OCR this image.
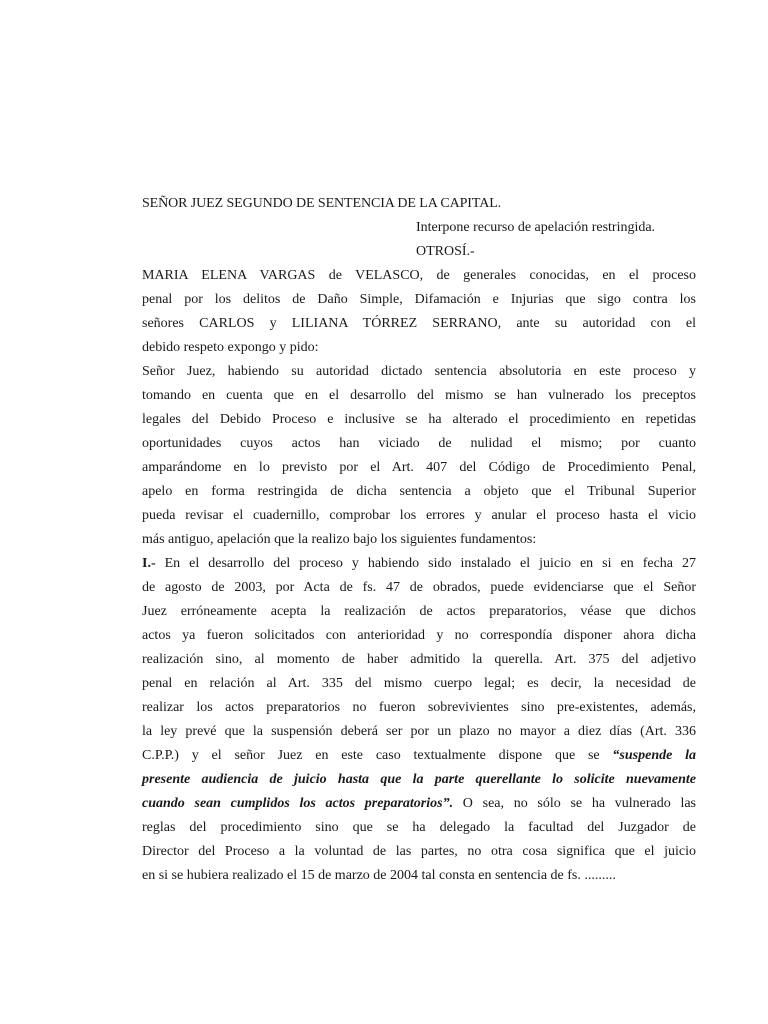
SEÑOR JUEZ SEGUNDO DE SENTENCIA DE LA CAPITAL.
Interpone recurso de apelación restringida.
OTROSÍ.-
MARIA ELENA VARGAS de VELASCO, de generales conocidas, en el proceso
penal por los delitos de Daño Simple, Difamación e Injurias que sigo contra los
señores CARLOS y LILIANA TÓRREZ SERRANO, ante su autoridad con el
debido respeto expongo y pido:
Señor Juez, habiendo su autoridad dictado sentencia absolutoria en este proceso y
tomando en cuenta que en el desarrollo del mismo se han vulnerado los preceptos
legales del Debido Proceso e inclusive se ha alterado el procedimiento en repetidas
oportunidades cuyos actos han viciado de nulidad el mismo; por cuanto
amparándome en lo previsto por el Art. 407 del Código de Procedimiento Penal,
apelo en forma restringida de dicha sentencia a objeto que el Tribunal Superior
pueda revisar el cuadernillo, comprobar los errores y anular el proceso hasta el vicio
más antiguo, apelación que la realizo bajo los siguientes fundamentos:
I.- En el desarrollo del proceso y habiendo sido instalado el juicio en si en fecha 27
de agosto de 2003, por Acta de fs. 47 de obrados, puede evidenciarse que el Señor
Juez erróneamente acepta la realización de actos preparatorios, véase que dichos
actos ya fueron solicitados con anterioridad y no correspondía disponer ahora dicha
realización sino, al momento de haber admitido la querella. Art. 375 del adjetivo
penal en relación al Art. 335 del mismo cuerpo legal; es decir, la necesidad de
realizar los actos preparatorios no fueron sobrevivientes sino pre-existentes, además,
la ley prevé que la suspensión deberá ser por un plazo no mayor a diez días (Art. 336
C.P.P.) y el señor Juez en este caso textualmente dispone que se “suspende la
presente audiencia de juicio hasta que la parte querellante lo solicite nuevamente
cuando sean cumplidos los actos preparatorios”. O sea, no sólo se ha vulnerado las
reglas del procedimiento sino que se ha delegado la facultad del Juzgador de
Director del Proceso a la voluntad de las partes, no otra cosa significa que el juicio
en si se hubiera realizado el 15 de marzo de 2004 tal consta en sentencia de fs. .........
